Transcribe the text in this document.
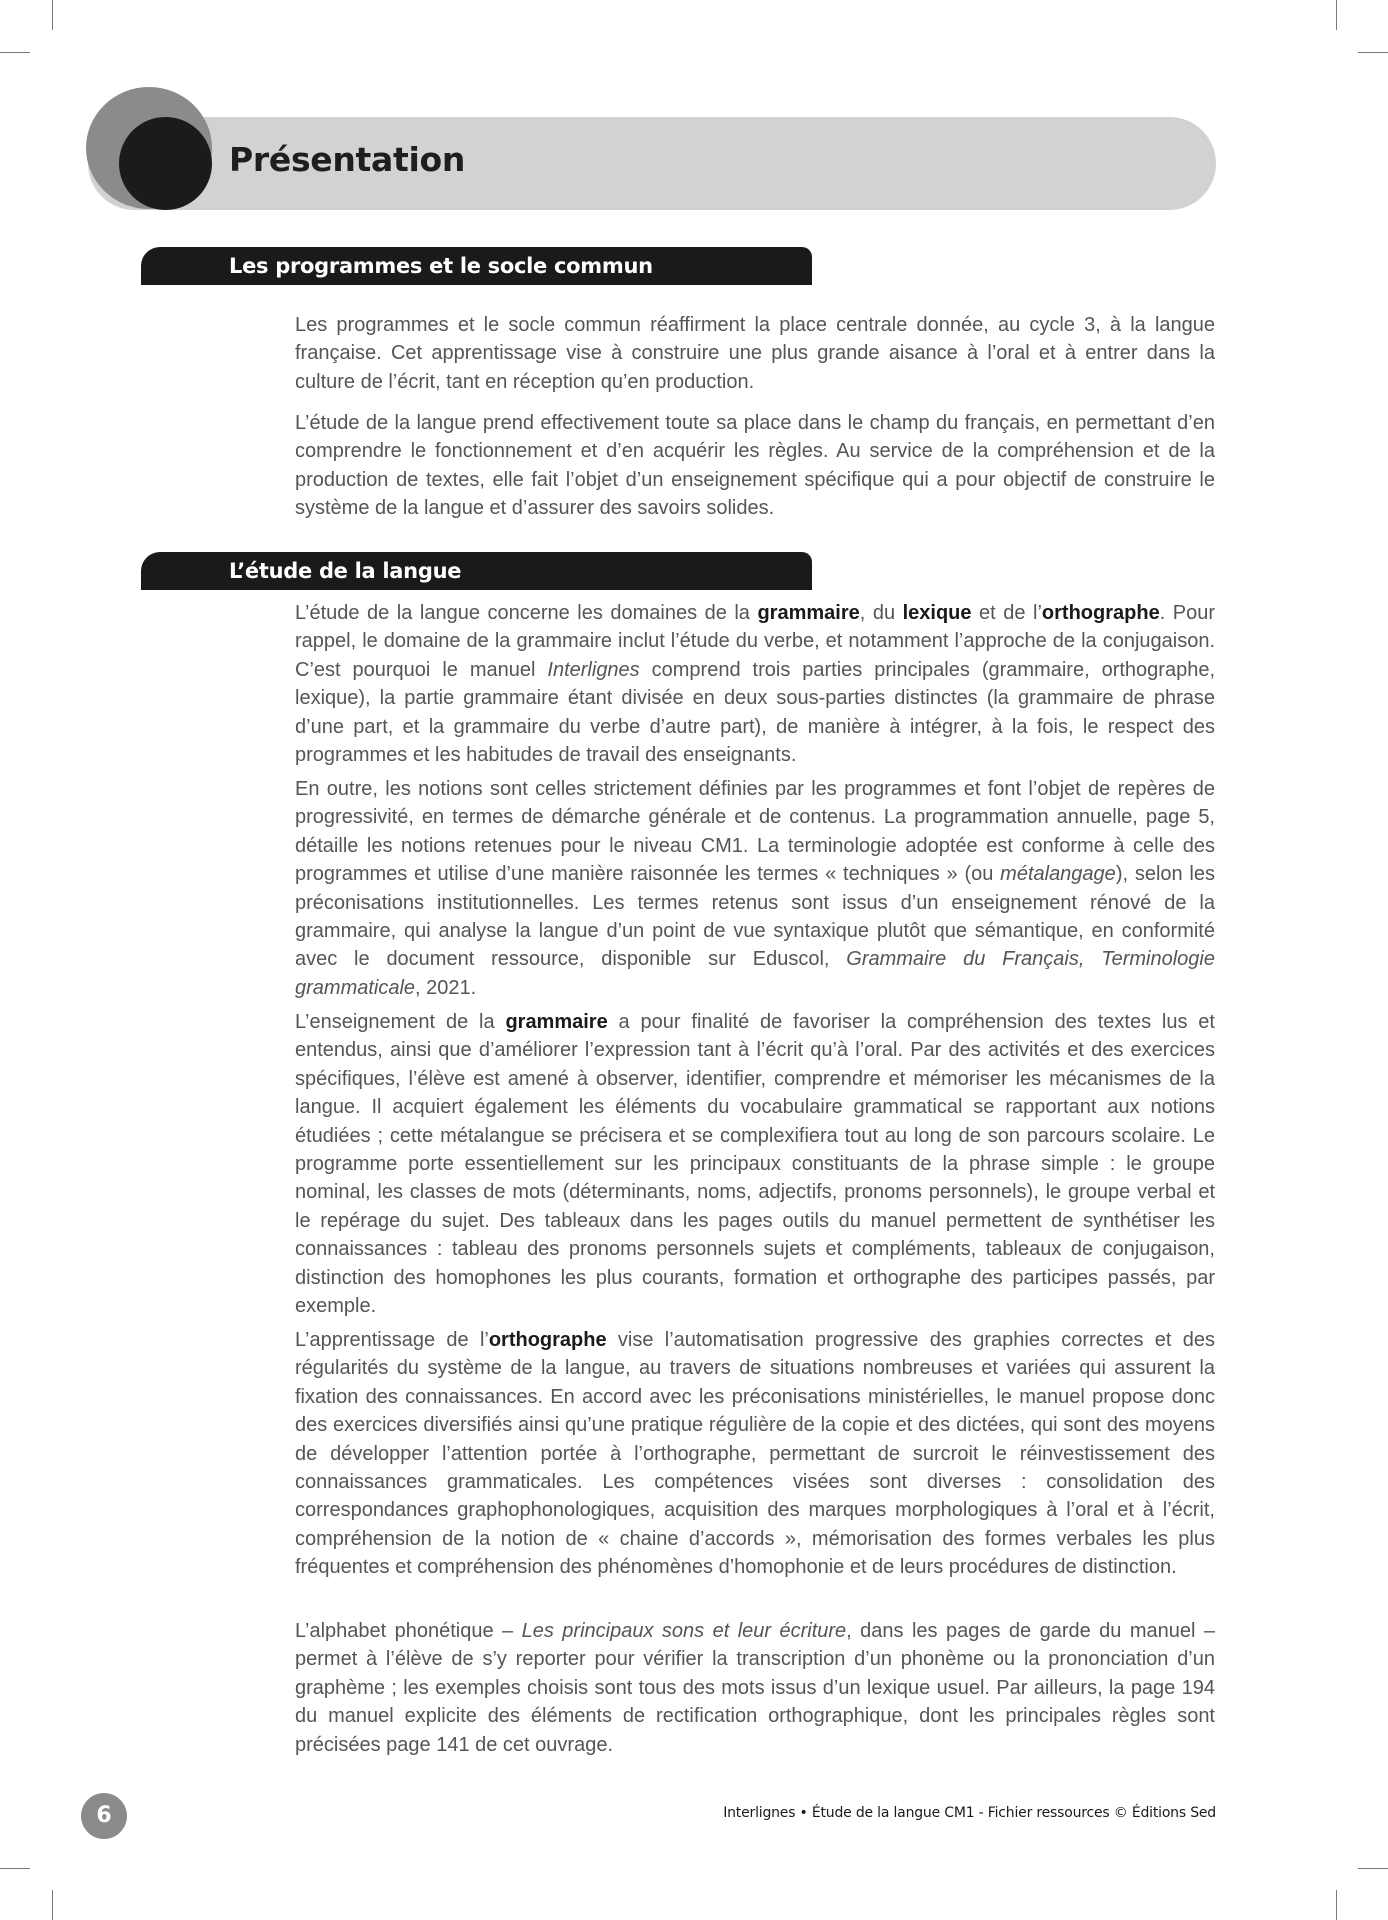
Présentation
Les programmes et le socle commun

Les programmes et le socle commun réaffirment la place centrale donnée, au cycle 3, à la langue française. Cet apprentissage vise à construire une plus grande aisance à l’oral et à entrer dans la culture de l’écrit, tant en réception qu’en production.

L’étude de la langue prend effectivement toute sa place dans le champ du français, en permettant d’en comprendre le fonctionnement et d’en acquérir les règles. Au service de la compréhension et de la production de textes, elle fait l’objet d’un enseignement spécifique qui a pour objectif de construire le système de la langue et d’assurer des savoirs solides.

L’étude de la langue

L’étude de la langue concerne les domaines de la grammaire, du lexique et de l’orthographe. Pour rappel, le domaine de la grammaire inclut l’étude du verbe, et notamment l’approche de la conjugaison. C’est pourquoi le manuel Interlignes comprend trois parties principales (grammaire, orthographe, lexique), la partie grammaire étant divisée en deux sous-parties distinctes (la grammaire de phrase d’une part, et la grammaire du verbe d’autre part), de manière à intégrer, à la fois, le respect des programmes et les habitudes de travail des enseignants.

En outre, les notions sont celles strictement définies par les programmes et font l’objet de repères de progressivité, en termes de démarche générale et de contenus. La programmation annuelle, page 5, détaille les notions retenues pour le niveau CM1. La terminologie adoptée est conforme à celle des programmes et utilise d’une manière raisonnée les termes « techniques » (ou métalangage), selon les préconisations institutionnelles. Les termes retenus sont issus d’un enseignement rénové de la grammaire, qui analyse la langue d’un point de vue syntaxique plutôt que sémantique, en conformité avec le document ressource, disponible sur Eduscol, Grammaire du Français, Terminologie grammaticale, 2021.

L’enseignement de la grammaire a pour finalité de favoriser la compréhension des textes lus et entendus, ainsi que d’améliorer l’expression tant à l’écrit qu’à l’oral. Par des activités et des exercices spécifiques, l’élève est amené à observer, identifier, comprendre et mémoriser les mécanismes de la langue. Il acquiert également les éléments du vocabulaire grammatical se rapportant aux notions étudiées ; cette métalangue se précisera et se complexifiera tout au long de son parcours scolaire. Le programme porte essentiellement sur les principaux constituants de la phrase simple : le groupe nominal, les classes de mots (déterminants, noms, adjectifs, pronoms personnels), le groupe verbal et le repérage du sujet. Des tableaux dans les pages outils du manuel permettent de synthétiser les connaissances : tableau des pronoms personnels sujets et compléments, tableaux de conjugaison, distinction des homophones les plus courants, formation et orthographe des participes passés, par exemple.

L’apprentissage de l’orthographe vise l’automatisation progressive des graphies correctes et des régularités du système de la langue, au travers de situations nombreuses et variées qui assurent la fixation des connaissances. En accord avec les préconisations ministérielles, le manuel propose donc des exercices diversifiés ainsi qu’une pratique régulière de la copie et des dictées, qui sont des moyens de développer l’attention portée à l’orthographe, permettant de surcroit le réinvestissement des connaissances grammaticales. Les compétences visées sont diverses : consolidation des correspondances graphophonologiques, acquisition des marques morphologiques à l’oral et à l’écrit, compréhension de la notion de « chaine d’accords », mémorisation des formes verbales les plus fréquentes et compréhension des phénomènes d’homophonie et de leurs procédures de distinction.

L’alphabet phonétique – Les principaux sons et leur écriture, dans les pages de garde du manuel –permet à l’élève de s’y reporter pour vérifier la transcription d’un phonème ou la prononciation d’un graphème ; les exemples choisis sont tous des mots issus d’un lexique usuel. Par ailleurs, la page 194 du manuel explicite des éléments de rectification orthographique, dont les principales règles sont précisées page 141 de cet ouvrage.

6	Interlignes • Étude de la langue CM1 - Fichier ressources © Éditions Sed
